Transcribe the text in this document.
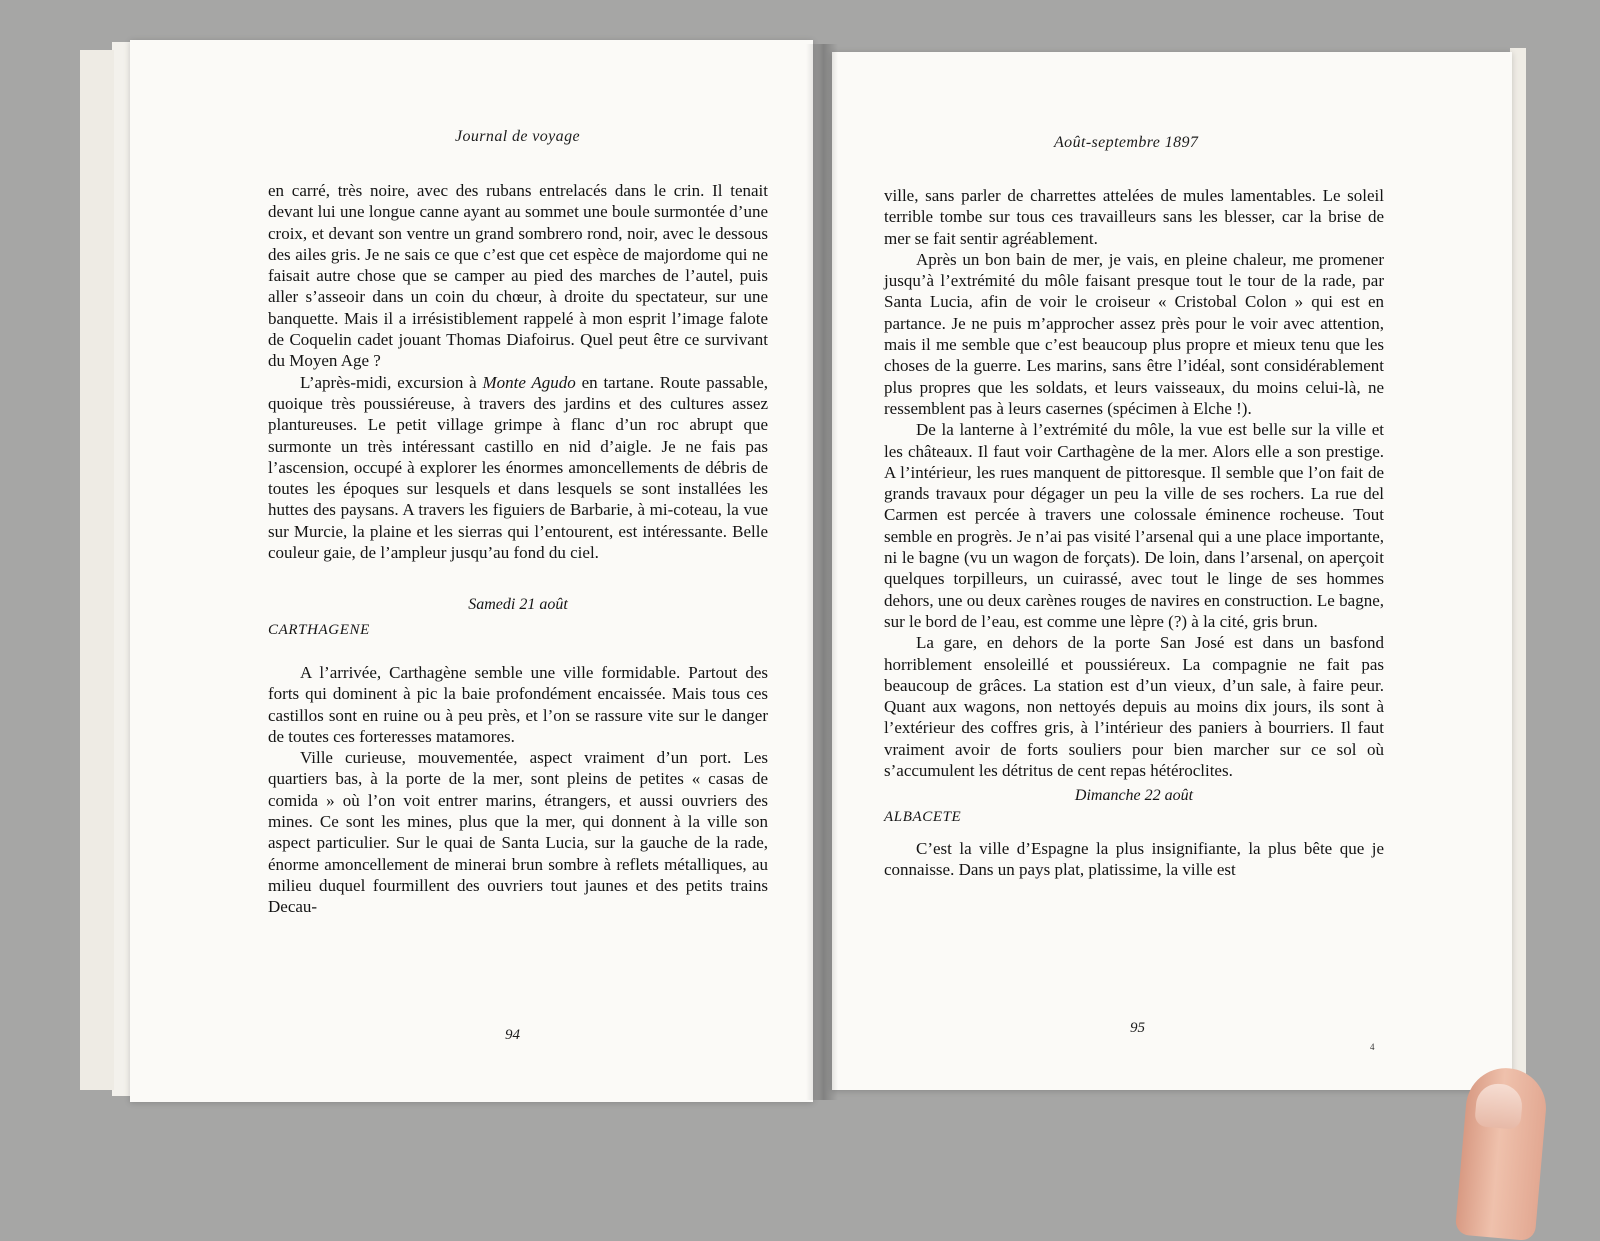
Journal de voyage

en carré, très noire, avec des rubans entrelacés dans le crin. Il tenait devant lui une longue canne ayant au sommet une boule surmontée d’une croix, et devant son ventre un grand sombrero rond, noir, avec le dessous des ailes gris. Je ne sais ce que c’est que cet espèce de majordome qui ne faisait autre chose que se camper au pied des marches de l’autel, puis aller s’asseoir dans un coin du chœur, à droite du spectateur, sur une banquette. Mais il a irrésistiblement rappelé à mon esprit l’image falote de Coquelin cadet jouant Thomas Diafoirus. Quel peut être ce survivant du Moyen Age ?

L’après-midi, excursion à Monte Agudo en tartane. Route passable, quoique très poussiéreuse, à travers des jardins et des cultures assez plantureuses. Le petit village grimpe à flanc d’un roc abrupt que surmonte un très intéressant castillo en nid d’aigle. Je ne fais pas l’ascension, occupé à explorer les énormes amoncellements de débris de toutes les époques sur lesquels et dans lesquels se sont installées les huttes des paysans. A travers les figuiers de Barbarie, à mi-coteau, la vue sur Murcie, la plaine et les sierras qui l’entourent, est intéressante. Belle couleur gaie, de l’ampleur jusqu’au fond du ciel.

Samedi 21 août

CARTHAGENE

A l’arrivée, Carthagène semble une ville formidable. Partout des forts qui dominent à pic la baie profondément encaissée. Mais tous ces castillos sont en ruine ou à peu près, et l’on se rassure vite sur le danger de toutes ces forteresses matamores.

Ville curieuse, mouvementée, aspect vraiment d’un port. Les quartiers bas, à la porte de la mer, sont pleins de petites « casas de comida » où l’on voit entrer marins, étrangers, et aussi ouvriers des mines. Ce sont les mines, plus que la mer, qui donnent à la ville son aspect particulier. Sur le quai de Santa Lucia, sur la gauche de la rade, énorme amoncellement de minerai brun sombre à reflets métalliques, au milieu duquel fourmillent des ouvriers tout jaunes et des petits trains Decau-

94

Août-septembre 1897

ville, sans parler de charrettes attelées de mules lamentables. Le soleil terrible tombe sur tous ces travailleurs sans les blesser, car la brise de mer se fait sentir agréablement.

Après un bon bain de mer, je vais, en pleine chaleur, me promener jusqu’à l’extrémité du môle faisant presque tout le tour de la rade, par Santa Lucia, afin de voir le croiseur « Cristobal Colon » qui est en partance. Je ne puis m’approcher assez près pour le voir avec attention, mais il me semble que c’est beaucoup plus propre et mieux tenu que les choses de la guerre. Les marins, sans être l’idéal, sont considérablement plus propres que les soldats, et leurs vaisseaux, du moins celui-là, ne ressemblent pas à leurs casernes (spécimen à Elche !).

De la lanterne à l’extrémité du môle, la vue est belle sur la ville et les châteaux. Il faut voir Carthagène de la mer. Alors elle a son prestige. A l’intérieur, les rues manquent de pittoresque. Il semble que l’on fait de grands travaux pour dégager un peu la ville de ses rochers. La rue del Carmen est percée à travers une colossale éminence rocheuse. Tout semble en progrès. Je n’ai pas visité l’arsenal qui a une place importante, ni le bagne (vu un wagon de forçats). De loin, dans l’arsenal, on aperçoit quelques torpilleurs, un cuirassé, avec tout le linge de ses hommes dehors, une ou deux carènes rouges de navires en construction. Le bagne, sur le bord de l’eau, est comme une lèpre (?) à la cité, gris brun.

La gare, en dehors de la porte San José est dans un basfond horriblement ensoleillé et poussiéreux. La compagnie ne fait pas beaucoup de grâces. La station est d’un vieux, d’un sale, à faire peur. Quant aux wagons, non nettoyés depuis au moins dix jours, ils sont à l’extérieur des coffres gris, à l’intérieur des paniers à bourriers. Il faut vraiment avoir de forts souliers pour bien marcher sur ce sol où s’accumulent les détritus de cent repas hétéroclites.

Dimanche 22 août

ALBACETE

C’est la ville d’Espagne la plus insignifiante, la plus bête que je connaisse. Dans un pays plat, platissime, la ville est

95

4
